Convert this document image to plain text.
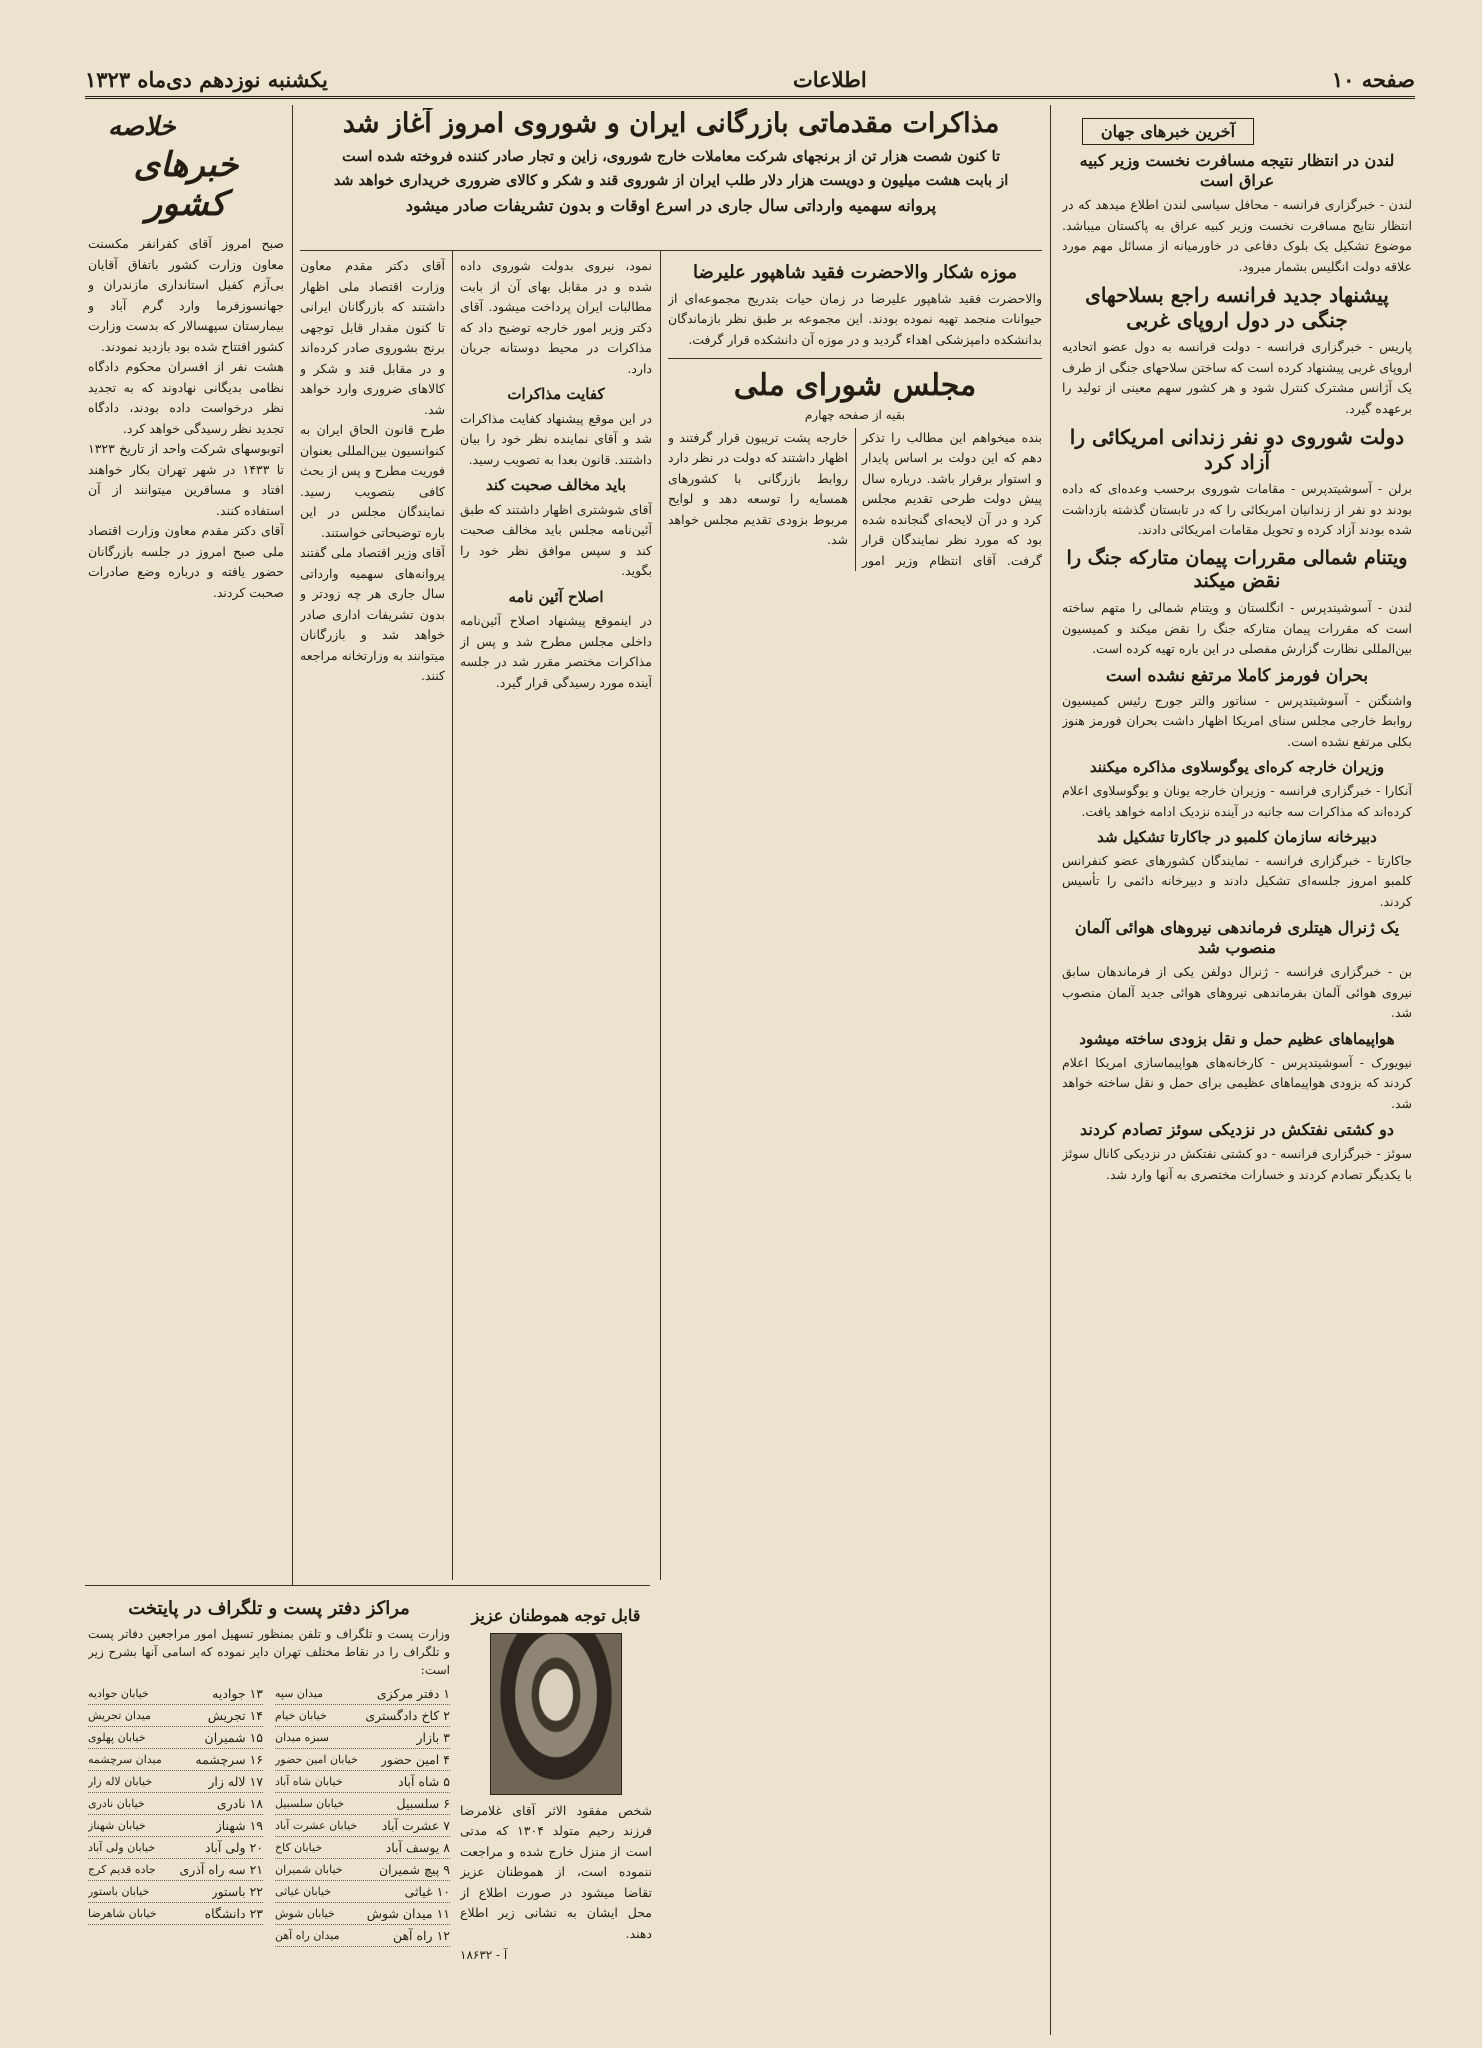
صفحه ۱۰
اطلاعات
یکشنبه نوزدهم دی‌ماه ۱۳۲۳
آخرین خبرهای جهان
لندن در انتظار نتیجه مسافرت نخست وزیر کبیه عراق است
لندن - خبرگزاری فرانسه - محافل سیاسی لندن اطلاع میدهد که در انتظار نتایج مسافرت نخست وزیر کبیه عراق به پاکستان میباشد. موضوع تشکیل یک بلوک دفاعی در خاورمیانه از مسائل مهم مورد علاقه دولت انگلیس بشمار میرود.
پیشنهاد جدید فرانسه راجع بسلاحهای جنگی در دول اروپای غربی
پاریس - خبرگزاری فرانسه - دولت فرانسه به دول عضو اتحادیه اروپای غربی پیشنهاد کرده است که ساختن سلاحهای جنگی از طرف یک آژانس مشترک کنترل شود و هر کشور سهم معینی از تولید را برعهده گیرد.
دولت شوروی دو نفر زندانی امریکائی را آزاد کرد
برلن - آسوشیتدپرس - مقامات شوروی برحسب وعده‌ای که داده بودند دو نفر از زندانیان امریکائی را که در تابستان گذشته بازداشت شده بودند آزاد کرده و تحویل مقامات امریکائی دادند.
ویتنام شمالی مقررات پیمان متارکه جنگ را نقض میکند
لندن - آسوشیتدپرس - انگلستان و ویتنام شمالی را متهم ساخته است که مقررات پیمان متارکه جنگ را نقض میکند و کمیسیون بین‌المللی نظارت گزارش مفصلی در این باره تهیه کرده است.
بحران فورمز کاملا مرتفع نشده است
واشنگتن - آسوشیتدپرس - سناتور والتر جورج رئیس کمیسیون روابط خارجی مجلس سنای امریکا اظهار داشت بحران فورمز هنوز بکلی مرتفع نشده است.
وزیران خارجه کره‌ای یوگوسلاوی مذاکره میکنند
آنکارا - خبرگزاری فرانسه - وزیران خارجه یونان و یوگوسلاوی اعلام کرده‌اند که مذاکرات سه جانبه در آینده نزدیک ادامه خواهد یافت.
دبیرخانه سازمان کلمبو در جاکارتا تشکیل شد
جاکارتا - خبرگزاری فرانسه - نمایندگان کشورهای عضو کنفرانس کلمبو امروز جلسه‌ای تشکیل دادند و دبیرخانه دائمی را تأسیس کردند.
یک ژنرال هیتلری فرماندهی نیروهای هوائی آلمان منصوب شد
بن - خبرگزاری فرانسه - ژنرال دولفن یکی از فرماندهان سابق نیروی هوائی آلمان بفرماندهی نیروهای هوائی جدید آلمان منصوب شد.
هواپیماهای عظیم حمل و نقل بزودی ساخته میشود
نیویورک - آسوشیتدپرس - کارخانه‌های هواپیماسازی امریکا اعلام کردند که بزودی هواپیماهای عظیمی برای حمل و نقل ساخته خواهد شد.
دو کشتی نفتکش در نزدیکی سوئز تصادم کردند
سوئز - خبرگزاری فرانسه - دو کشتی نفتکش در نزدیکی کانال سوئز با یکدیگر تصادم کردند و خسارات مختصری به آنها وارد شد.
مذاکرات مقدماتی بازرگانی ایران و شوروی امروز آغاز شد
تا کنون شصت هزار تن از برنجهای شرکت معاملات خارج شوروی، زاین و تجار صادر کننده فروخته شده است
از بابت هشت میلیون و دویست هزار دلار طلب ایران از شوروی قند و شکر و کالای ضروری خریداری خواهد شد
پروانه سهمیه وارداتی سال جاری در اسرع اوقات و بدون تشریفات صادر میشود
موزه شکار والاحضرت فقید شاهپور علیرضا
والاحضرت فقید شاهپور علیرضا در زمان حیات بتدریج مجموعه‌ای از حیوانات منجمد تهیه نموده بودند. این مجموعه بر طبق نظر بازماندگان بدانشکده دامپزشکی اهداء گردید و در موزه آن دانشکده قرار گرفت.
مجلس شورای ملی
بقیه از صفحه چهارم
بنده میخواهم این مطالب را تذکر دهم که این دولت بر اساس پایدار و استوار برقرار باشد. درباره سال پیش دولت طرحی تقدیم مجلس کرد و در آن لایحه‌ای گنجانده شده بود که مورد نظر نمایندگان قرار گرفت. آقای انتظام وزیر امور خارجه پشت تریبون قرار گرفتند و اظهار داشتند که دولت در نظر دارد روابط بازرگانی با کشورهای همسایه را توسعه دهد و لوایح مربوط بزودی تقدیم مجلس خواهد شد.
نمود، نیروی بدولت شوروی داده شده و در مقابل بهای آن از بابت مطالبات ایران پرداخت میشود. آقای دکتر وزیر امور خارجه توضیح داد که مذاکرات در محیط دوستانه جریان دارد.
کفایت مذاکرات
در این موقع پیشنهاد کفایت مذاکرات شد و آقای نماینده نظر خود را بیان داشتند. قانون بعدا به تصویب رسید.
باید مخالف صحبت کند
آقای شوشتری اظهار داشتند که طبق آئین‌نامه مجلس باید مخالف صحبت کند و سپس موافق نظر خود را بگوید.
اصلاح آئین نامه
در اینموقع پیشنهاد اصلاح آئین‌نامه داخلی مجلس مطرح شد و پس از مذاکرات مختصر مقرر شد در جلسه آینده مورد رسیدگی قرار گیرد.
قابل توجه هموطنان عزیز
شخص مفقود الاثر آقای غلامرضا فرزند رحیم متولد ۱۳۰۴ که مدتی است از منزل خارج شده و مراجعت ننموده است، از هموطنان عزیز تقاضا میشود در صورت اطلاع از محل ایشان به نشانی زیر اطلاع دهند.
آ - ۱۸۶۳۲
آقای دکتر مقدم معاون وزارت اقتصاد ملی اظهار داشتند که بازرگانان ایرانی تا کنون مقدار قابل توجهی برنج بشوروی صادر کرده‌اند و در مقابل قند و شکر و کالاهای ضروری وارد خواهد شد.
طرح قانون الحاق ایران به کنوانسیون بین‌المللی بعنوان فوریت مطرح و پس از بحث کافی بتصویب رسید. نمایندگان مجلس در این باره توضیحاتی خواستند.
آقای وزیر اقتصاد ملی گفتند پروانه‌های سهمیه وارداتی سال جاری هر چه زودتر و بدون تشریفات اداری صادر خواهد شد و بازرگانان میتوانند به وزارتخانه مراجعه کنند.
خلاصه
خبرهای کشور
صبح امروز آقای کفرانفر مکسنت معاون وزارت کشور باتفاق آقایان بی‌آزم کفیل استانداری مازندران و جهانسوزفرما وارد گرم آباد و بیمارستان سپهسالار که بدست وزارت کشور افتتاح شده بود بازدید نمودند.
هشت نفر از افسران محکوم دادگاه نظامی بدیگانی نهادوند که به تجدید نظر درخواست داده بودند، دادگاه تجدید نظر رسیدگی خواهد کرد.
اتوبوسهای شرکت واحد از تاریخ ۱۳۲۳ تا ۱۴۳۳ در شهر تهران بکار خواهند افتاد و مسافرین میتوانند از آن استفاده کنند.
آقای دکتر مقدم معاون وزارت اقتصاد ملی صبح امروز در جلسه بازرگانان حضور یافته و درباره وضع صادرات صحبت کردند.
مراکز دفتر پست و تلگراف در پایتخت
وزارت پست و تلگراف و تلفن بمنظور تسهیل امور مراجعین دفاتر پست و تلگراف را در نقاط مختلف تهران دایر نموده که اسامی آنها بشرح زیر است:
۱دفتر مرکزی
میدان سپه
۲کاخ دادگستری
خیابان خیام
۳بازار
سبزه میدان
۴امین حضور
خیابان امین حضور
۵شاه آباد
خیابان شاه آباد
۶سلسبیل
خیابان سلسبیل
۷عشرت آباد
خیابان عشرت آباد
۸یوسف آباد
خیابان کاخ
۹پیچ شمیران
خیابان شمیران
۱۰غیاثی
خیابان غیاثی
۱۱میدان شوش
خیابان شوش
۱۲راه آهن
میدان راه آهن
۱۳جوادیه
خیابان جوادیه
۱۴تجریش
میدان تجریش
۱۵شمیران
خیابان پهلوی
۱۶سرچشمه
میدان سرچشمه
۱۷لاله زار
خیابان لاله زار
۱۸نادری
خیابان نادری
۱۹شهناز
خیابان شهناز
۲۰ولی آباد
خیابان ولی آباد
۲۱سه راه آذری
جاده قدیم کرج
۲۲باستور
خیابان باستور
۲۳دانشگاه
خیابان شاهرضا
